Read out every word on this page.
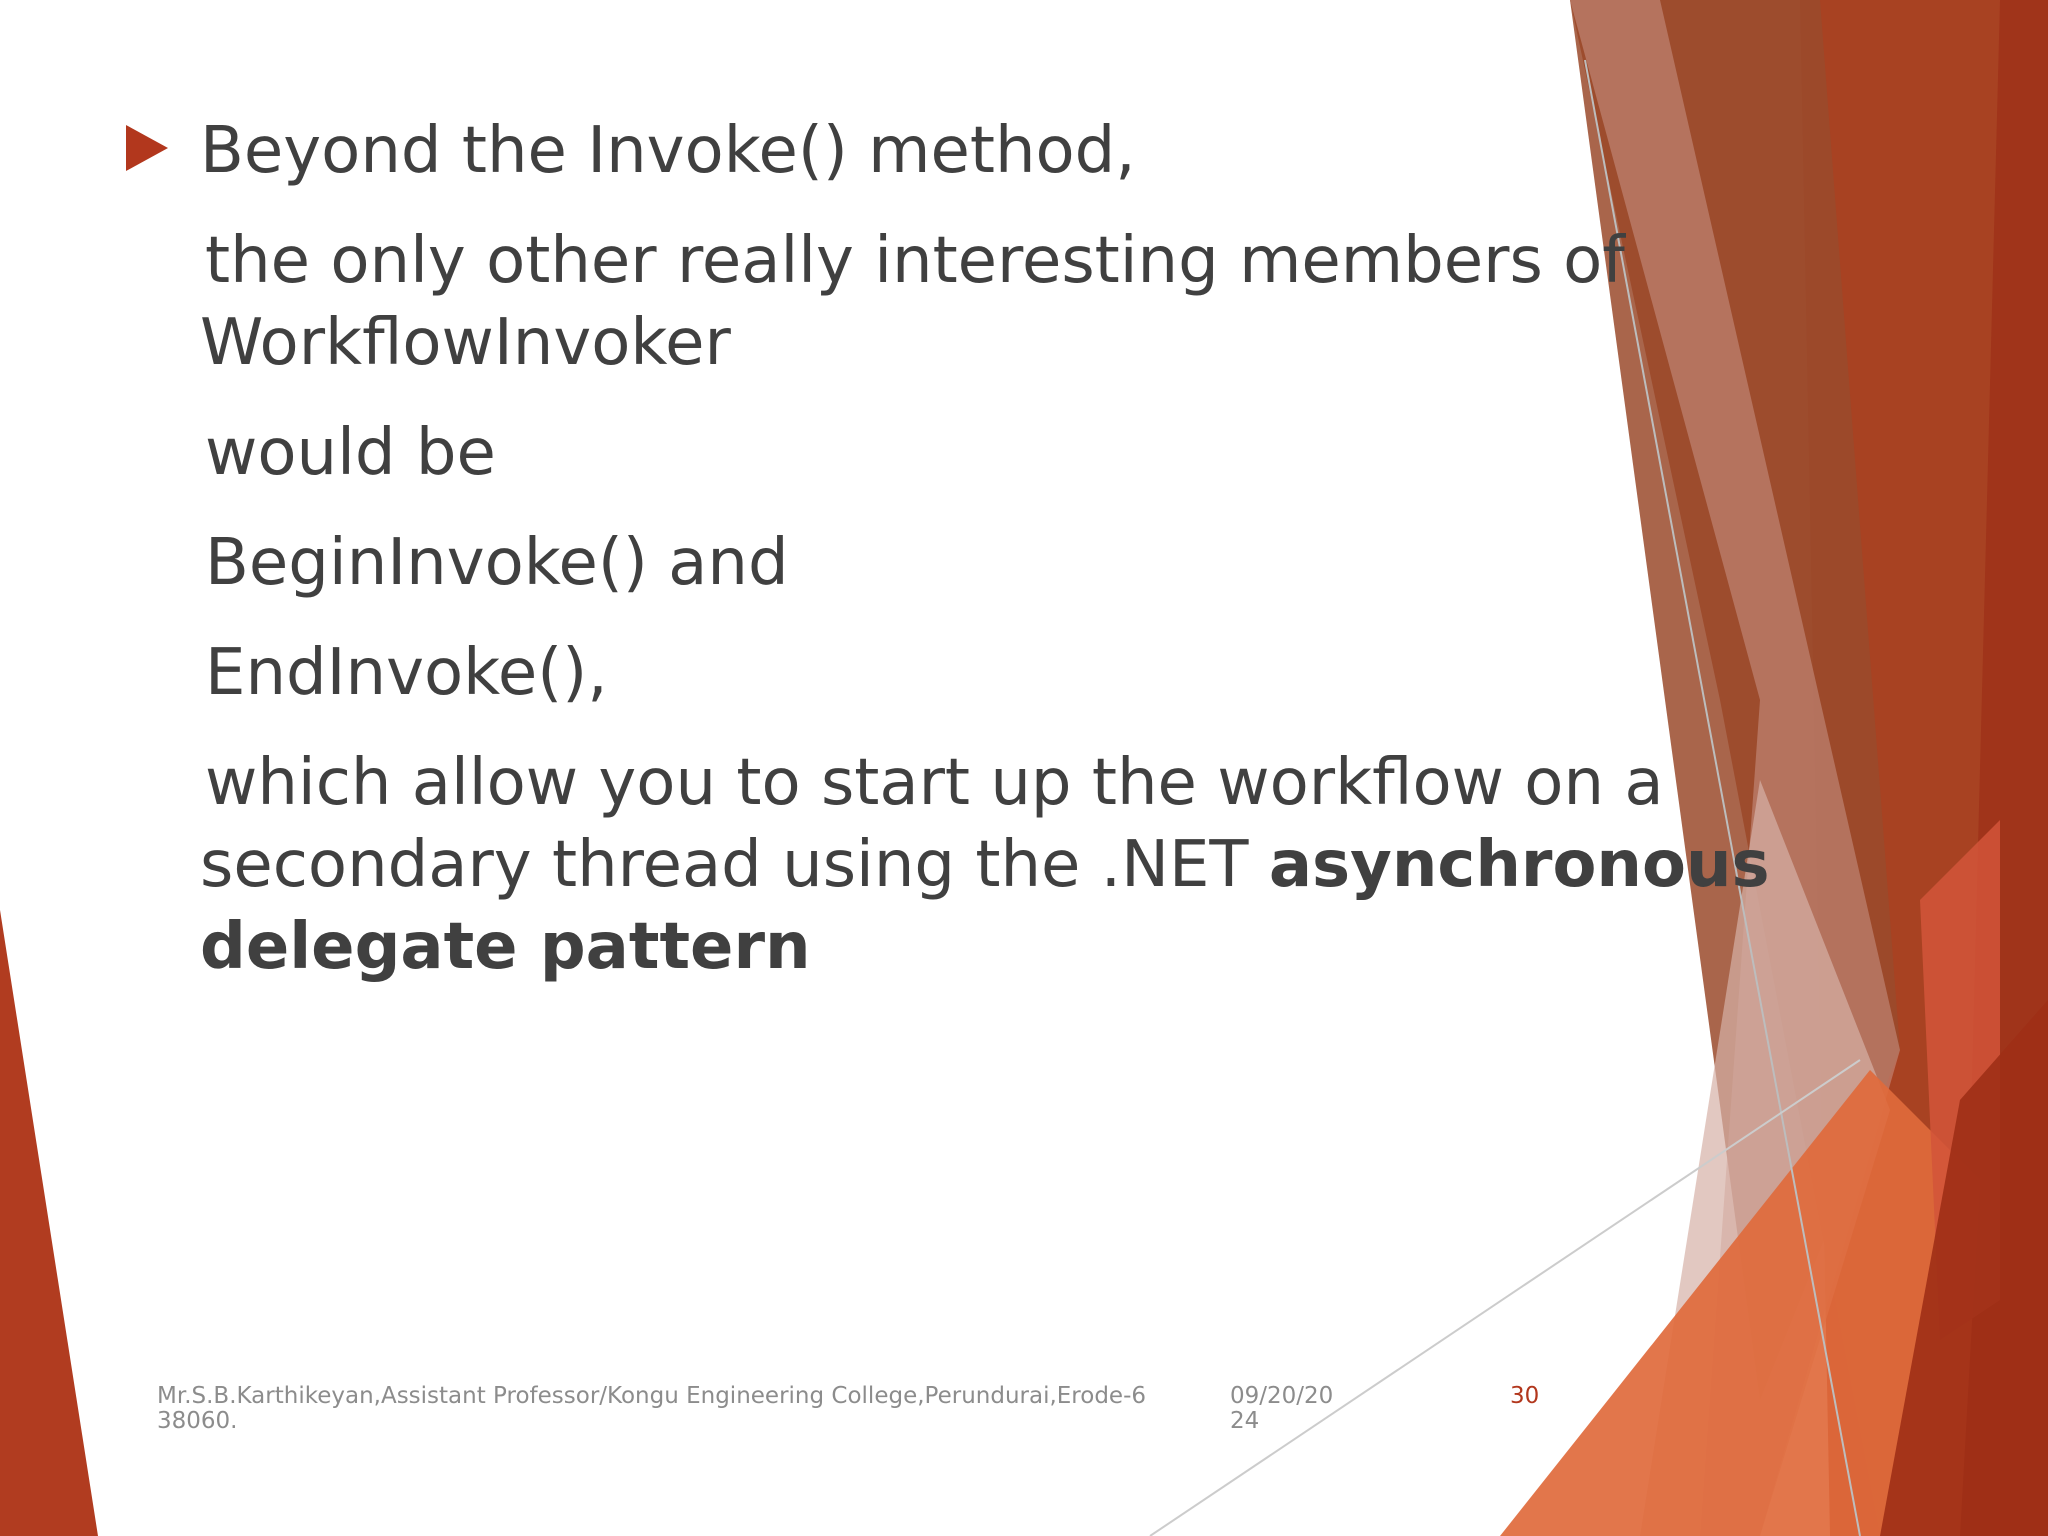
Beyond the Invoke() method,

the only other really interesting members of

WorkflowInvoker

would be

BeginInvoke() and

EndInvoke(),

which allow you to start up the workflow on a

secondary thread using the .NET asynchronous

delegate pattern

Mr.S.B.Karthikeyan,Assistant Professor/Kongu Engineering College,Perundurai,Erode-6
38060.
09/20/20
24
30
